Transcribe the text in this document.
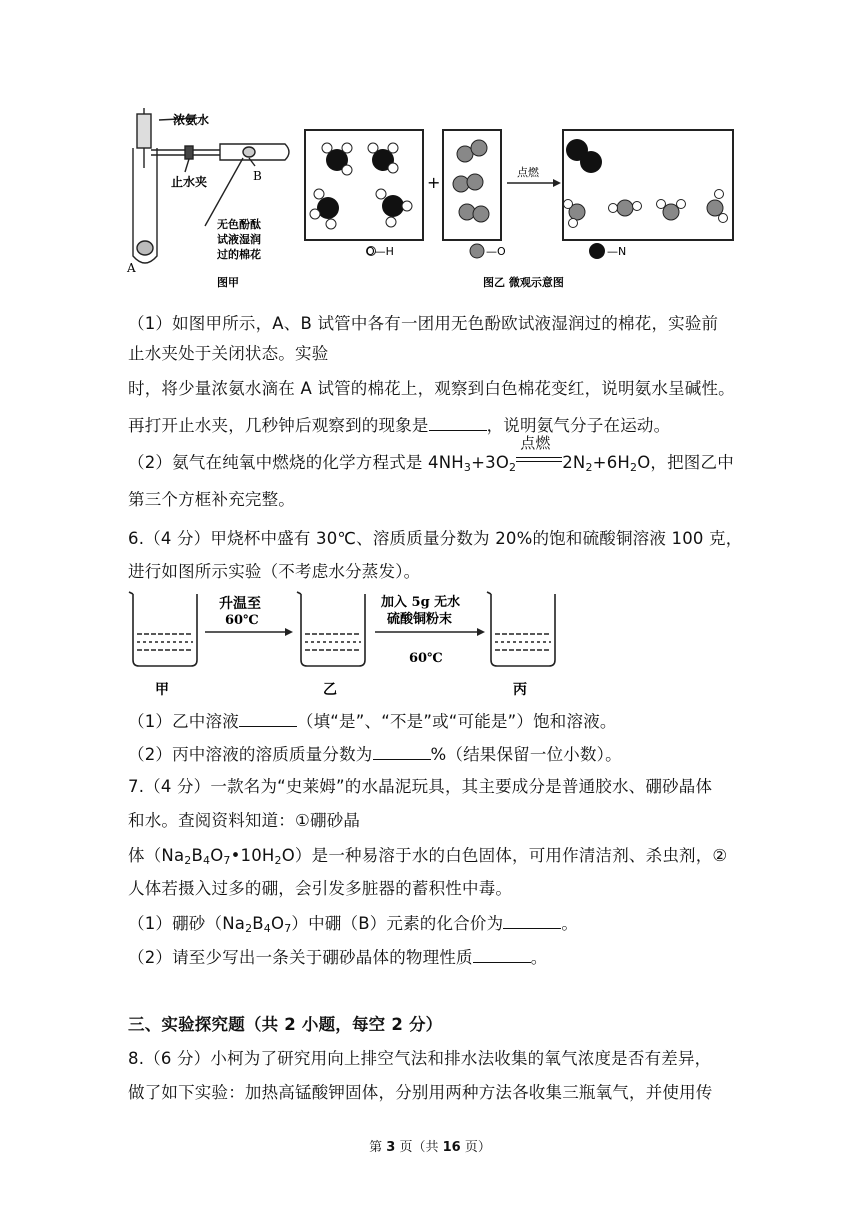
浓氨水
止水夹
A
B
无色酚酞
试液湿润
过的棉花
图甲
+
点燃
O—H	—O	—N
图乙 微观示意图
（1）如图甲所示，A、B 试管中各有一团用无色酚欧试液湿润过的棉花，实验前
止水夹处于关闭状态。实验
时，将少量浓氨水滴在 A 试管的棉花上，观察到白色棉花变红，说明氨水呈碱性。
再打开止水夹，几秒钟后观察到的现象是	，说明氨气分子在运动。
（2）氨气在纯氧中燃烧的化学方程式是 $4NH_3+3O_2$
点燃
$2N_2+6H_2O$，把图乙中
第三个方框补充完整。
6.（4 分）甲烧杯中盛有 30℃、溶质质量分数为 20%的饱和硫酸铜溶液 100 克，
进行如图所示实验（不考虑水分蒸发）。
升温至
60℃
加入 5g 无水
硫酸铜粉末
60℃
甲	乙	丙
（1）乙中溶液	（填“是”、“不是”或“可能是”）饱和溶液。
（2）丙中溶液的溶质质量分数为	%（结果保留一位小数）。
7.（4 分）一款名为“史莱姆”的水晶泥玩具，其主要成分是普通胶水、硼砂晶体
和水。查阅资料知道：①硼砂晶
体$(Na_2B_4O_7•10H_2O)$是一种易溶于水的白色固体，可用作清洁剂、杀虫剂，②
人体若摄入过多的硼，会引发多脏器的蓄积性中毒。
（1）硼砂$(Na_2B_4O_7)$中硼（B）元素的化合价为	。
（2）请至少写出一条关于硼砂晶体的物理性质	。
三、实验探究题（共 2 小题，每空 2 分）
8.（6 分）小柯为了研究用向上排空气法和排水法收集的氧气浓度是否有差异，
做了如下实验：加热高锰酸钾固体，分别用两种方法各收集三瓶氧气，并使用传
第 3 页（共 16 页）
